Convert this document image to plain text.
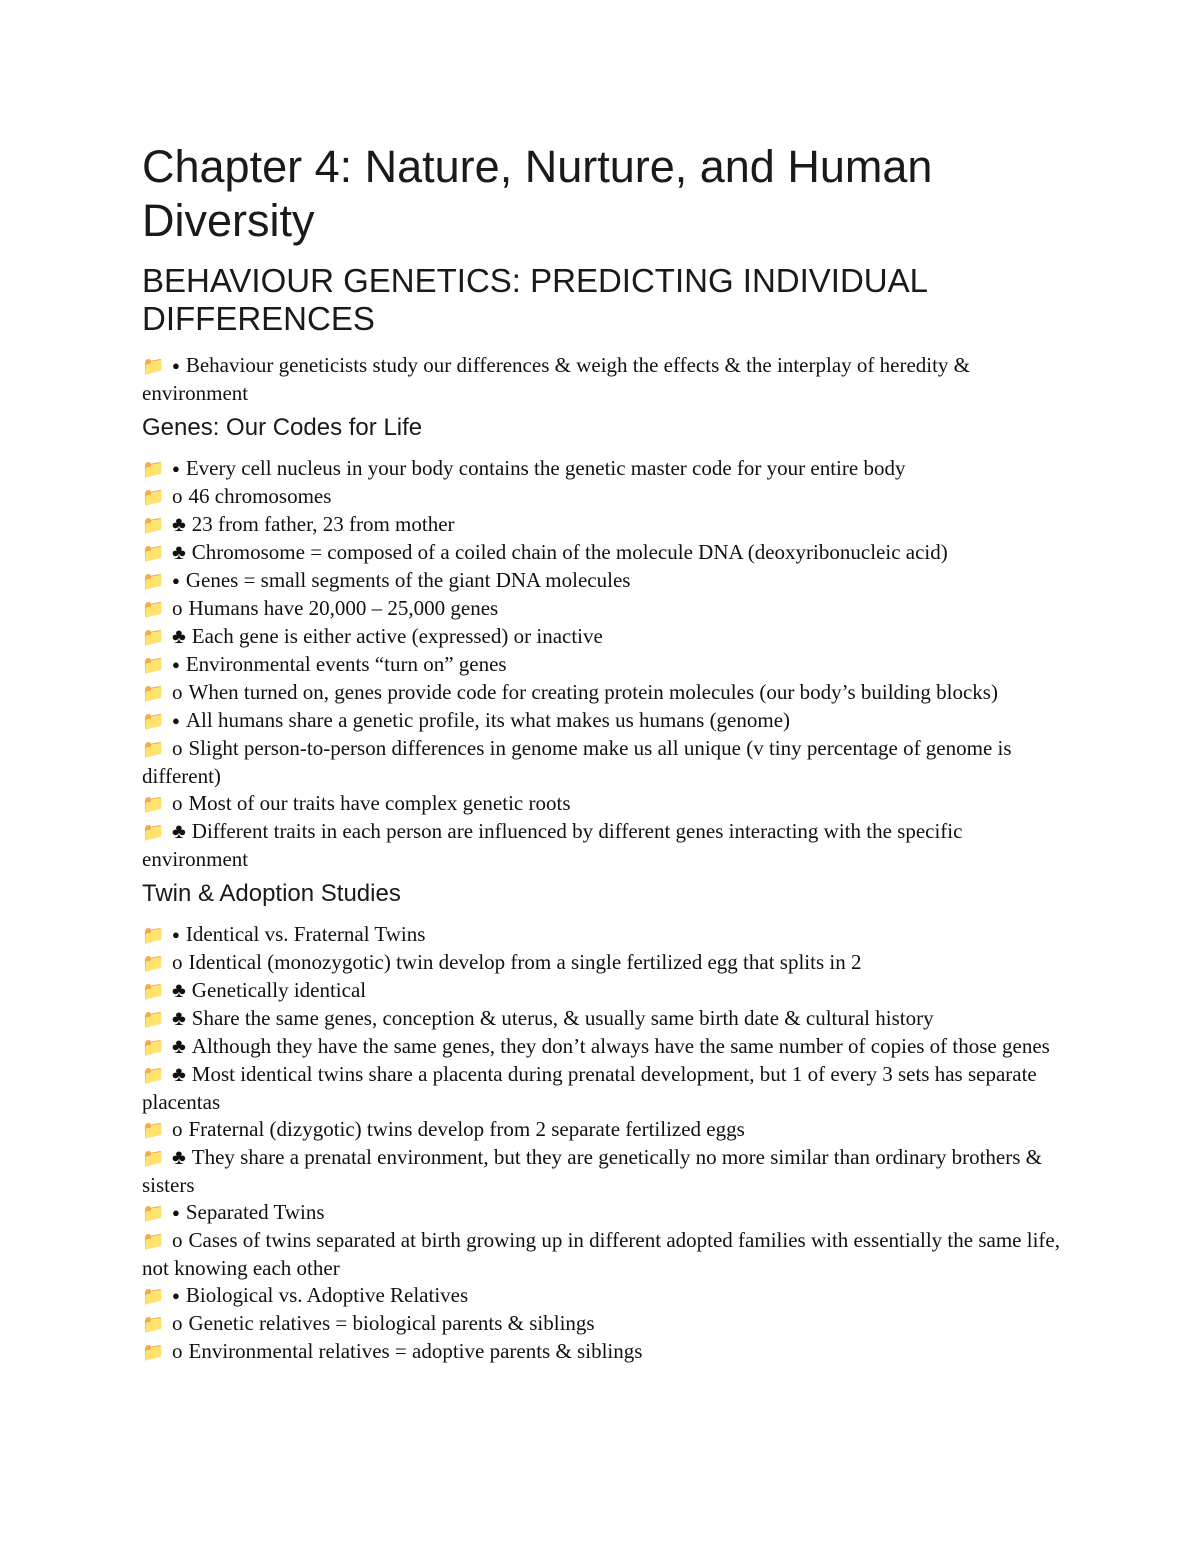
Chapter 4: Nature, Nurture, and Human Diversity
BEHAVIOUR GENETICS: PREDICTING INDIVIDUAL DIFFERENCES
📁 ● Behaviour geneticists study our differences & weigh the effects & the interplay of heredity & environment
Genes: Our Codes for Life
📁 ● Every cell nucleus in your body contains the genetic master code for your entire body
📁 o 46 chromosomes
📁 ♣ 23 from father, 23 from mother
📁 ♣ Chromosome = composed of a coiled chain of the molecule DNA (deoxyribonucleic acid)
📁 ● Genes = small segments of the giant DNA molecules
📁 o Humans have 20,000 – 25,000 genes
📁 ♣ Each gene is either active (expressed) or inactive
📁 ● Environmental events “turn on” genes
📁 o When turned on, genes provide code for creating protein molecules (our body’s building blocks)
📁 ● All humans share a genetic profile, its what makes us humans (genome)
📁 o Slight person-to-person differences in genome make us all unique (v tiny percentage of genome is different)
📁 o Most of our traits have complex genetic roots
📁 ♣ Different traits in each person are influenced by different genes interacting with the specific environment
Twin & Adoption Studies
📁 ● Identical vs. Fraternal Twins
📁 o Identical (monozygotic) twin develop from a single fertilized egg that splits in 2
📁 ♣ Genetically identical
📁 ♣ Share the same genes, conception & uterus, & usually same birth date & cultural history
📁 ♣ Although they have the same genes, they don’t always have the same number of copies of those genes
📁 ♣ Most identical twins share a placenta during prenatal development, but 1 of every 3 sets has separate placentas
📁 o Fraternal (dizygotic) twins develop from 2 separate fertilized eggs
📁 ♣ They share a prenatal environment, but they are genetically no more similar than ordinary brothers & sisters
📁 ● Separated Twins
📁 o Cases of twins separated at birth growing up in different adopted families with essentially the same life, not knowing each other
📁 ● Biological vs. Adoptive Relatives
📁 o Genetic relatives = biological parents & siblings
📁 o Environmental relatives = adoptive parents & siblings
